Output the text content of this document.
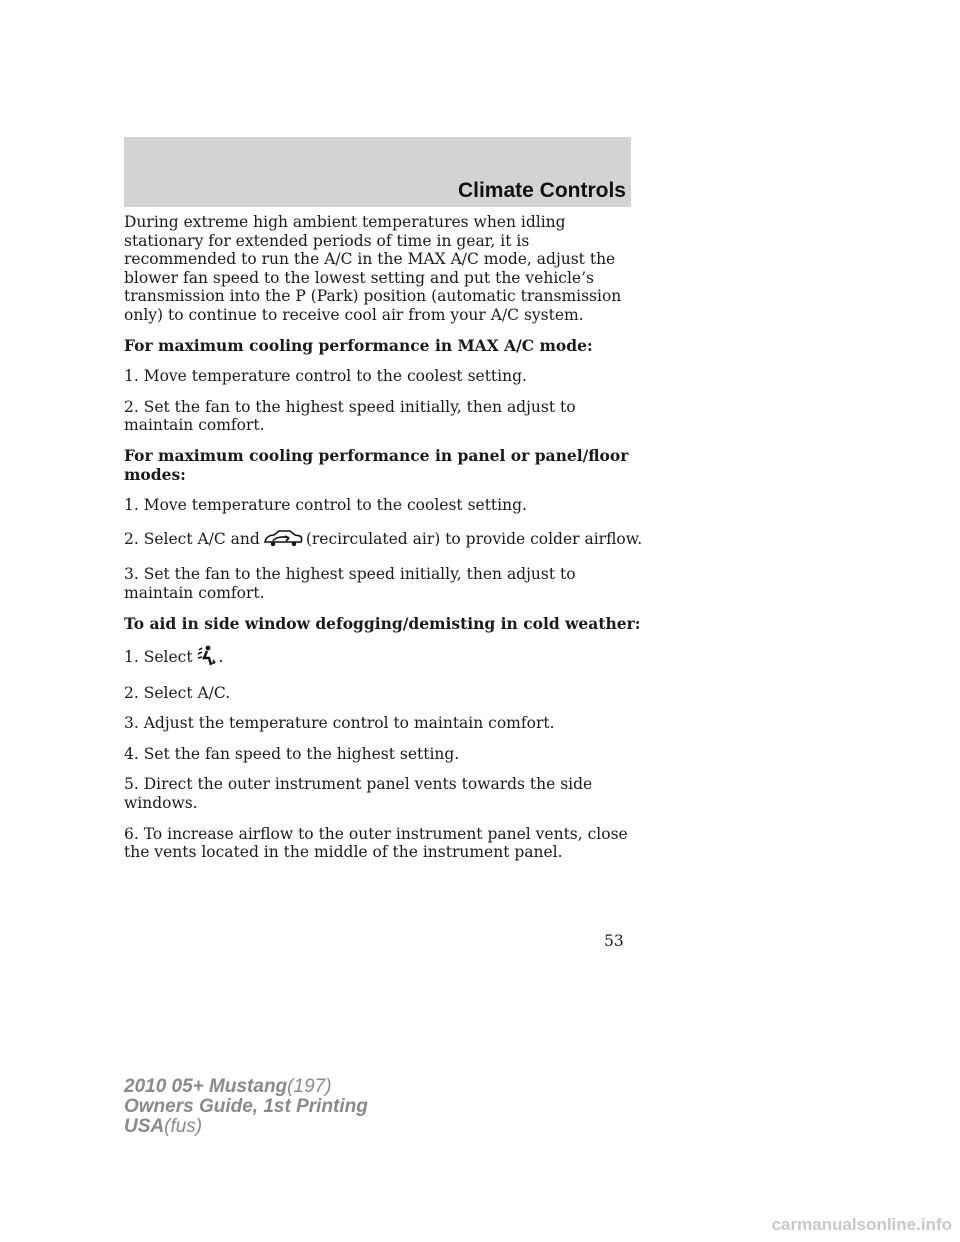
Climate Controls

During extreme high ambient temperatures when idling stationary for extended periods of time in gear, it is recommended to run the A/C in the MAX A/C mode, adjust the blower fan speed to the lowest setting and put the vehicle’s transmission into the P (Park) position (automatic transmission only) to continue to receive cool air from your A/C system.

For maximum cooling performance in MAX A/C mode:

1. Move temperature control to the coolest setting.

2. Set the fan to the highest speed initially, then adjust to maintain comfort.

For maximum cooling performance in panel or panel/floor modes:

1. Move temperature control to the coolest setting.

2. Select A/C and	(recirculated air) to provide colder airflow.

3. Set the fan to the highest speed initially, then adjust to maintain comfort.

To aid in side window defogging/demisting in cold weather:

1. Select .

2. Select A/C.

3. Adjust the temperature control to maintain comfort.

4. Set the fan speed to the highest setting.

5. Direct the outer instrument panel vents towards the side windows.

6. To increase airflow to the outer instrument panel vents, close the vents located in the middle of the instrument panel.

53
2010 05+ Mustang(197)
Owners Guide, 1st Printing
USA(fus)
carmanualsonline.info
